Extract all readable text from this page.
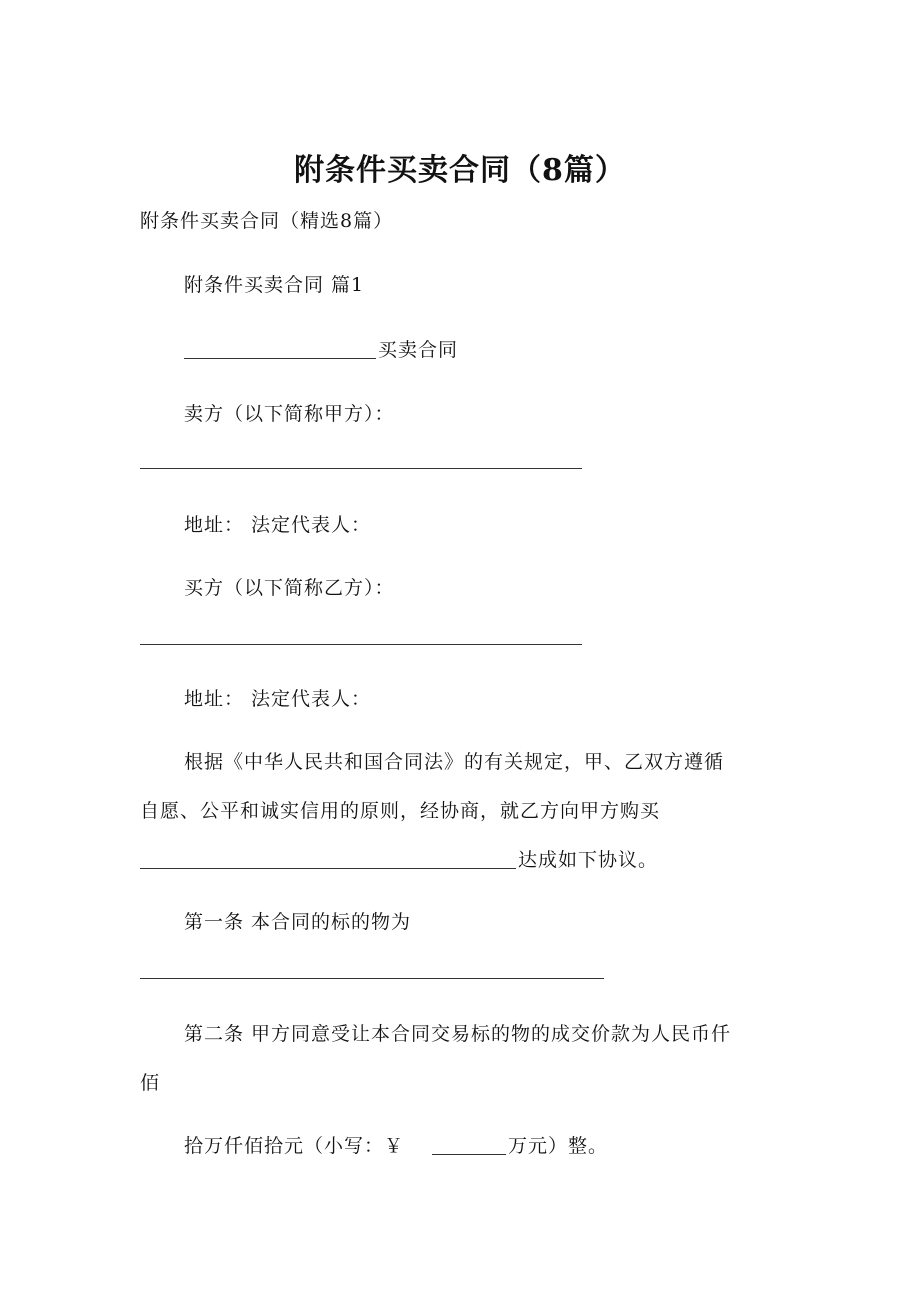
附条件买卖合同（8篇）
附条件买卖合同（精选8篇）
附条件买卖合同 篇1
买卖合同
卖方（以下简称甲方）：
地址： 法定代表人：
买方（以下简称乙方）：
地址： 法定代表人：
根据《中华人民共和国合同法》的有关规定，甲、乙双方遵循
自愿、公平和诚实信用的原则，经协商，就乙方向甲方购买
达成如下协议。
第一条 本合同的标的物为
第二条 甲方同意受让本合同交易标的物的成交价款为人民币仟
佰
拾万仟佰拾元（小写：￥	万元）整。
